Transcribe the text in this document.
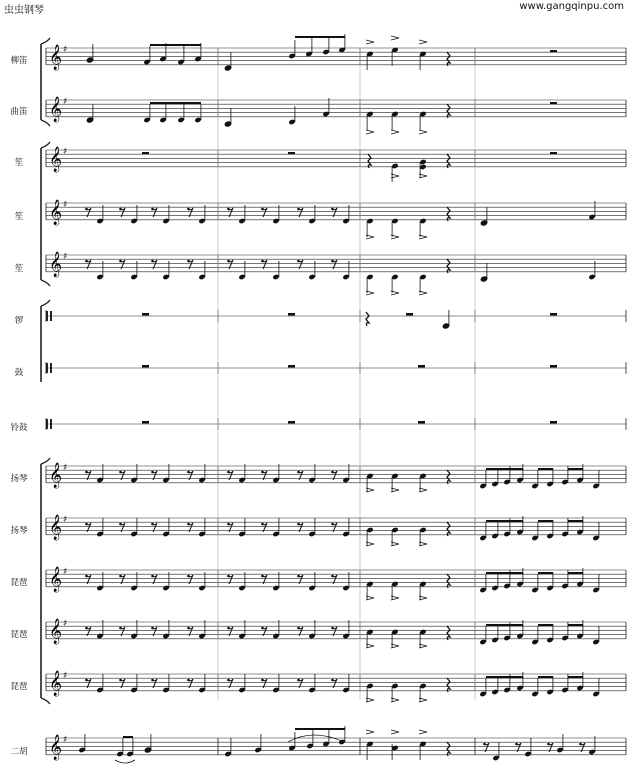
虫虫钢琴	www.gangqinpu.com
柳笛
曲笛
笙
笙
笙
锣
鼓
铃鼓
扬琴
扬琴
琵琶
琵琶
琵琶
二胡
𝄞 ♯
𝄞 ♯
𝄞 ♯
𝄞 ♯
𝄞 ♯
𝄞 ♯
𝄞 ♯
𝄞 ♯
𝄞 ♯
𝄞 ♯
𝄞 ♯
